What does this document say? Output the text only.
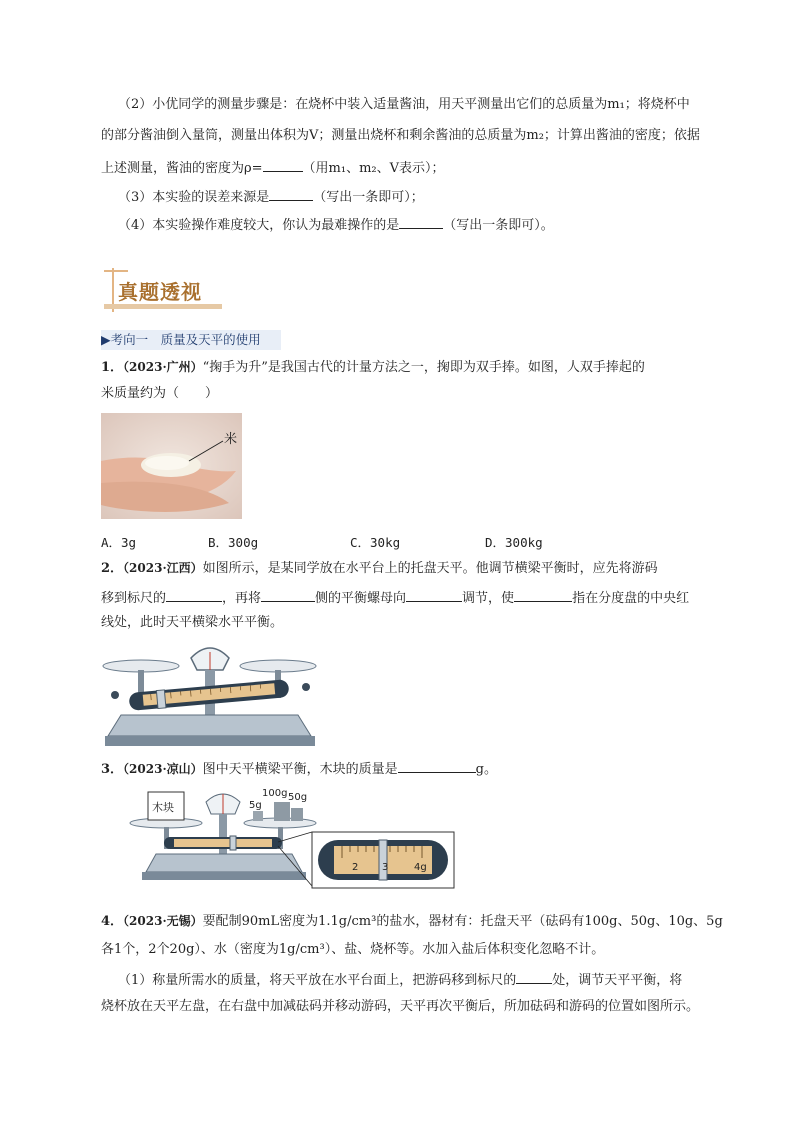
（2）小优同学的测量步骤是：在烧杯中装入适量酱油，用天平测量出它们的总质量为m₁；将烧杯中
的部分酱油倒入量筒，测量出体积为V；测量出烧杯和剩余酱油的总质量为m₂；计算出酱油的密度；依据
上述测量，酱油的密度为ρ=	（用m₁、m₂、V表示）；
（3）本实验的误差来源是	（写出一条即可）；
（4）本实验操作难度较大，你认为最难操作的是	（写出一条即可）。
真题透视
▶考向一　质量及天平的使用
1．（2023·广州）“掬手为升”是我国古代的计量方法之一，掬即为双手捧。如图，人双手捧起的
米质量约为（　　）
米
A．3g	B．300g	C．30kg	D．300kg
2．（2023·江西）如图所示，是某同学放在水平台上的托盘天平。他调节横梁平衡时，应先将游码
移到标尺的	，再将	侧的平衡螺母向	调节，使	指在分度盘的中央红
线处，此时天平横梁水平平衡。
3．（2023·凉山）图中天平横梁平衡，木块的质量是	g。
木块	5g
100g 50g
2 3	4g
4．（2023·无锡）要配制90mL密度为1.1g/cm³的盐水，器材有：托盘天平（砝码有100g、50g、10g、5g
各1个，2个20g）、水（密度为1g/cm³）、盐、烧杯等。水加入盐后体积变化忽略不计。
（1）称量所需水的质量，将天平放在水平台面上，把游码移到标尺的	处，调节天平平衡，将
烧杯放在天平左盘，在右盘中加减砝码并移动游码，天平再次平衡后，所加砝码和游码的位置如图所示。
